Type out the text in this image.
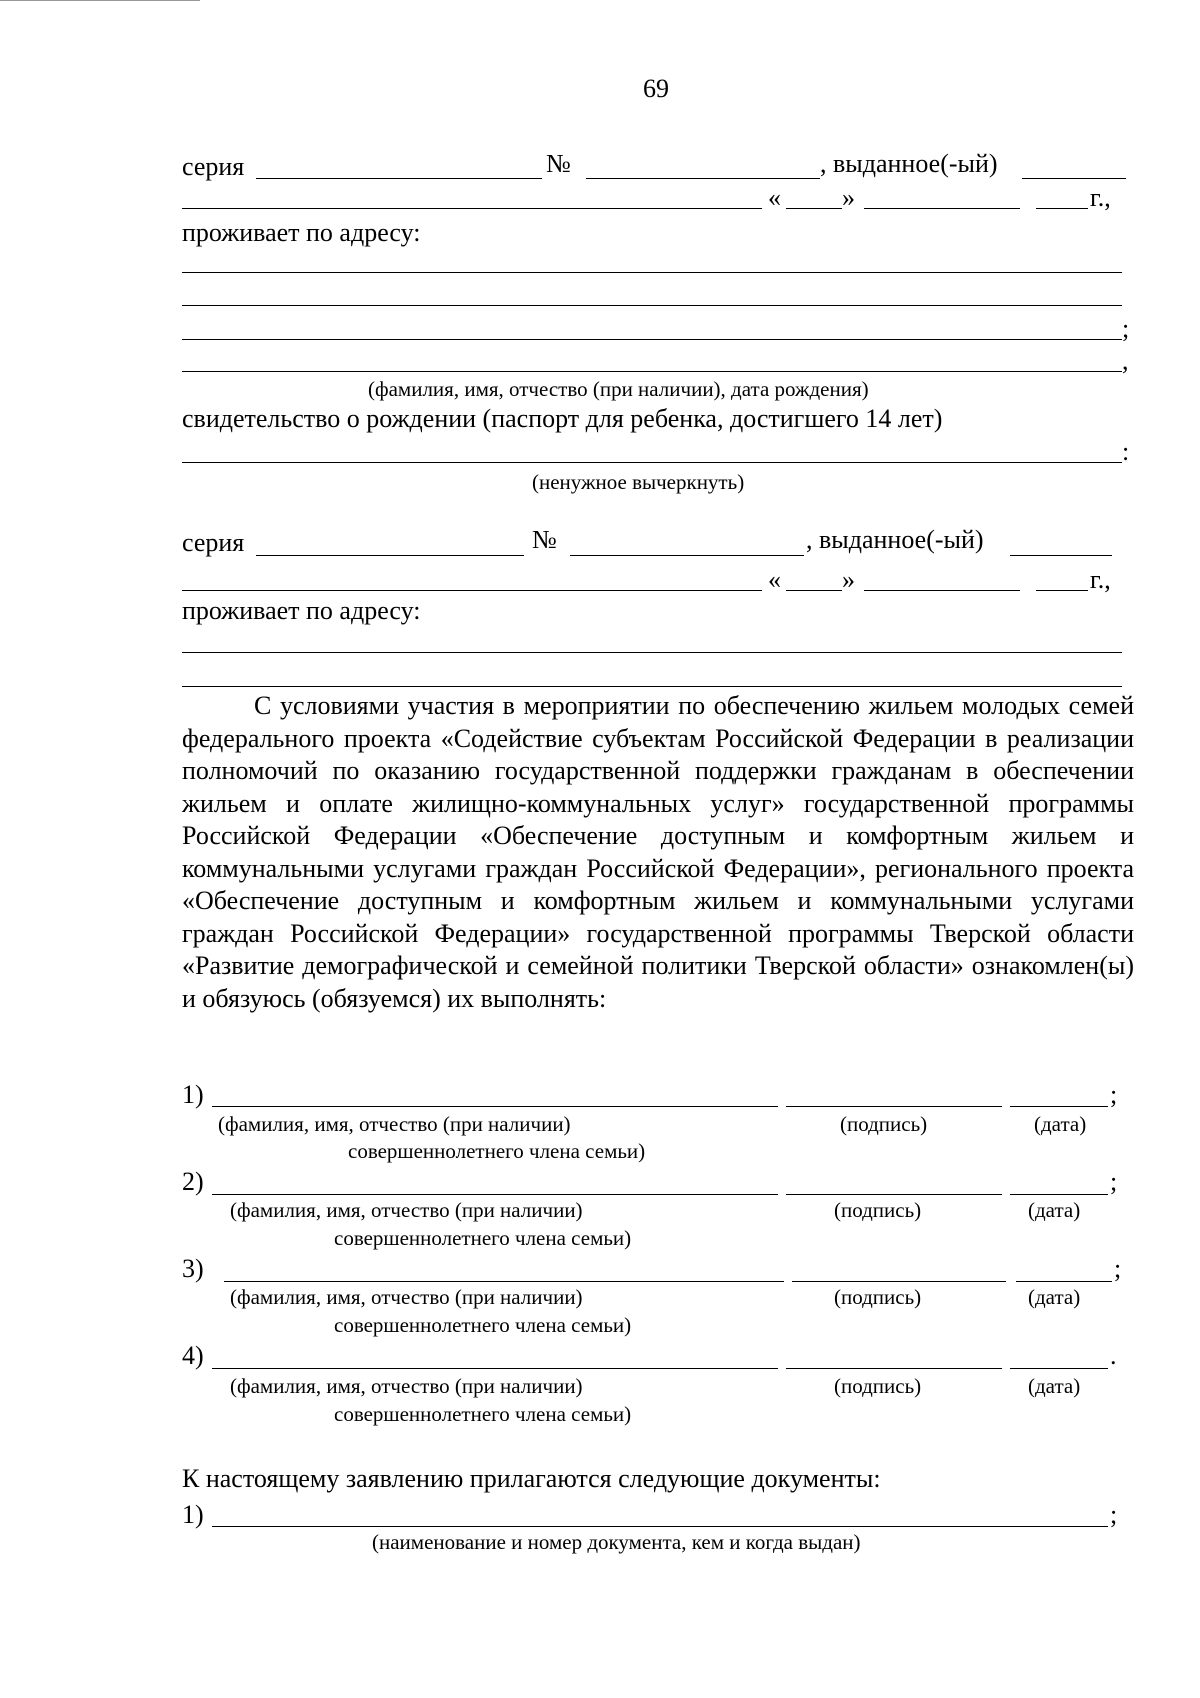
69
серия	№	, выданное(-ый)
« »	г.,
проживает по адресу:
;
,
(фамилия, имя, отчество (при наличии), дата рождения)
свидетельство о рождении (паспорт для ребенка, достигшего 14 лет)
:
(ненужное вычеркнуть)
серия	№	, выданное(-ый)
« »	г.,
проживает по адресу:

С условиями участия в мероприятии по обеспечению жильем молодых семей федерального проекта «Содействие субъектам Российской Федерации в реализации полномочий по оказанию государственной поддержки гражданам в обеспечении жильем и оплате жилищно-коммунальных услуг» государственной программы Российской Федерации «Обеспечение доступным и комфортным жильем и коммунальными услугами граждан Российской Федерации», регионального проекта «Обеспечение доступным и комфортным жильем и коммунальными услугами граждан Российской Федерации» государственной программы Тверской области «Развитие демографической и семейной политики Тверской области» ознакомлен(ы) и обязуюсь (обязуемся) их выполнять:

1)	;
(фамилия, имя, отчество (при наличии)
совершеннолетнего члена семьи)
(подпись)	(дата)
2)	;
(фамилия, имя, отчество (при наличии)
совершеннолетнего члена семьи)
(подпись)	(дата)
3)	;
(фамилия, имя, отчество (при наличии)
совершеннолетнего члена семьи)
(подпись)	(дата)
4)	.
(фамилия, имя, отчество (при наличии)
совершеннолетнего члена семьи)
(подпись)	(дата)
К настоящему заявлению прилагаются следующие документы:
1)	;
(наименование и номер документа, кем и когда выдан)
